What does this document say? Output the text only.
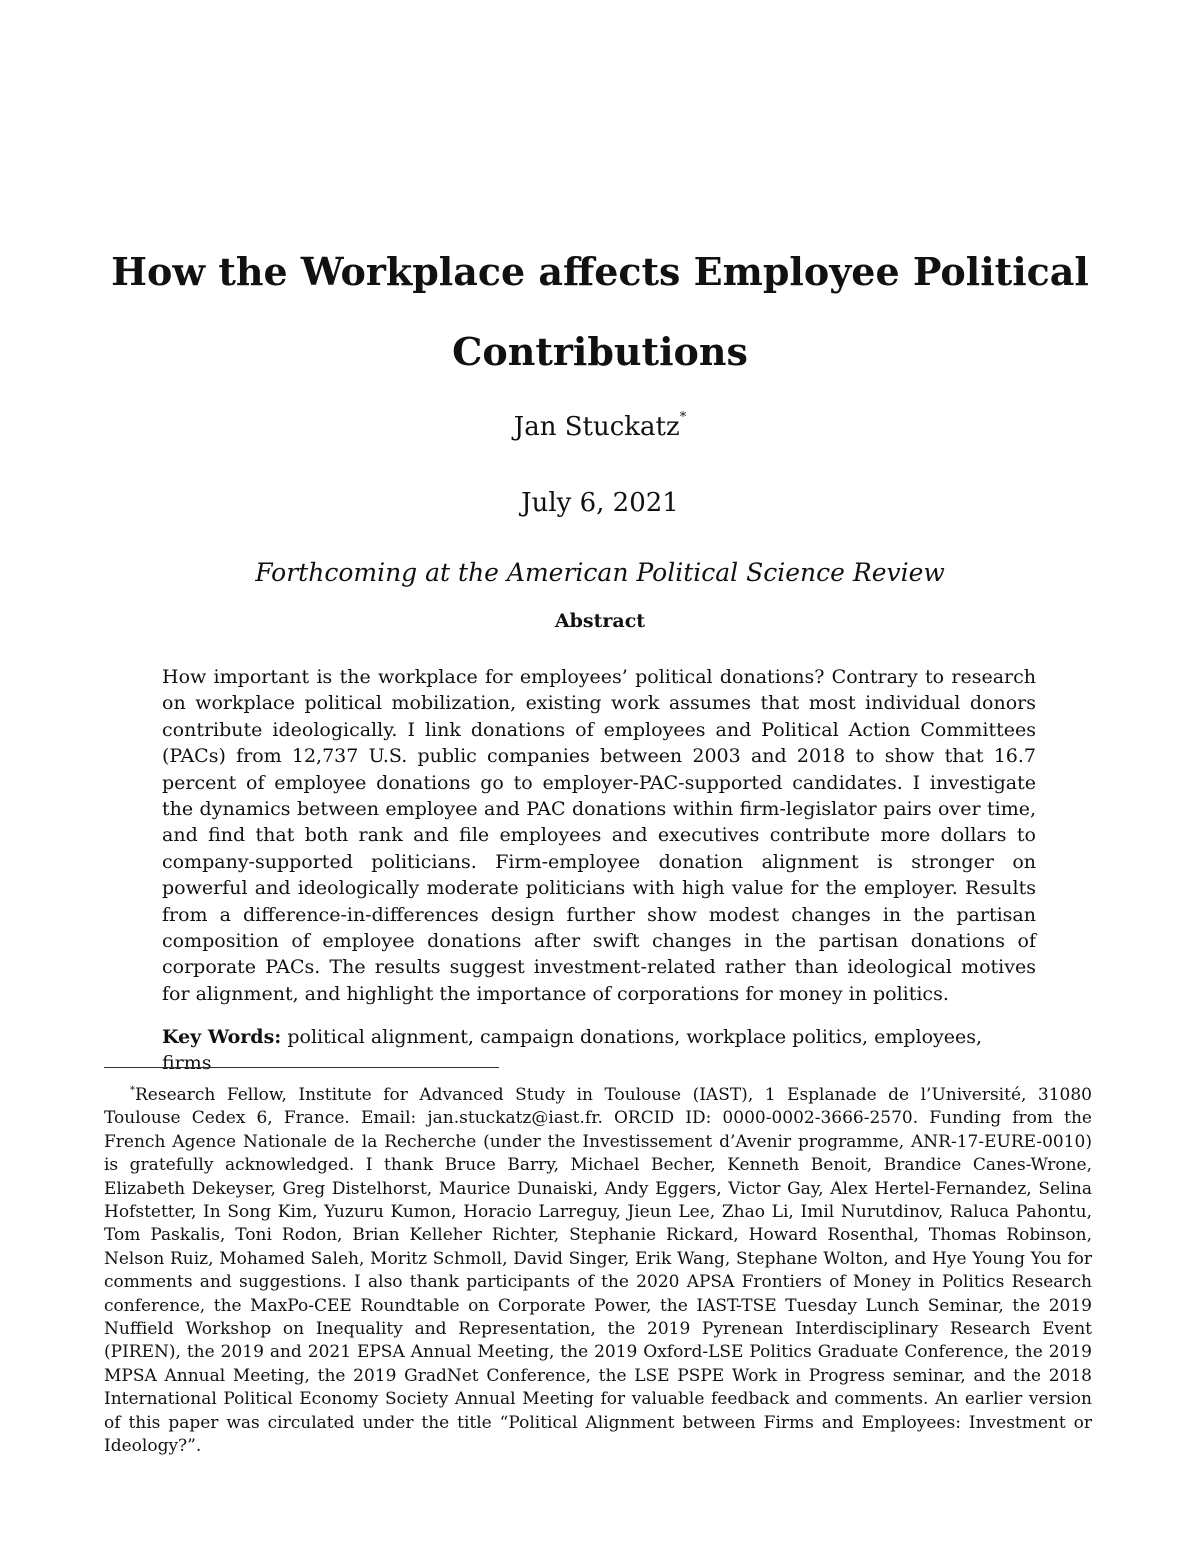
How the Workplace affects Employee Political Contributions

Jan Stuckatz*

July 6, 2021

Forthcoming at the American Political Science Review

Abstract

How important is the workplace for employees’ political donations? Contrary to research on workplace political mobilization, existing work assumes that most individual donors contribute ideologically. I link donations of employees and Political Action Committees (PACs) from 12,737 U.S. public companies between 2003 and 2018 to show that 16.7 percent of employee donations go to employer-PAC-supported candidates. I investigate the dynamics between employee and PAC donations within firm-legislator pairs over time, and find that both rank and file employees and executives contribute more dollars to company-supported politicians. Firm-employee donation alignment is stronger on powerful and ideologically moderate politicians with high value for the employer. Results from a difference-in-differences design further show modest changes in the partisan composition of employee donations after swift changes in the partisan donations of corporate PACs. The results suggest investment-related rather than ideological motives for alignment, and highlight the importance of corporations for money in politics.

Key Words: political alignment, campaign donations, workplace politics, employees, firms

*Research Fellow, Institute for Advanced Study in Toulouse (IAST), 1 Esplanade de l’Université, 31080 Toulouse Cedex 6, France. Email: jan.stuckatz@iast.fr. ORCID ID: 0000-0002-3666-2570. Funding from the French Agence Nationale de la Recherche (under the Investissement d’Avenir programme, ANR-17-EURE-0010) is gratefully acknowledged. I thank Bruce Barry, Michael Becher, Kenneth Benoit, Brandice Canes-Wrone, Elizabeth Dekeyser, Greg Distelhorst, Maurice Dunaiski, Andy Eggers, Victor Gay, Alex Hertel-Fernandez, Selina Hofstetter, In Song Kim, Yuzuru Kumon, Horacio Larreguy, Jieun Lee, Zhao Li, Imil Nurutdinov, Raluca Pahontu, Tom Paskalis, Toni Rodon, Brian Kelleher Richter, Stephanie Rickard, Howard Rosenthal, Thomas Robinson, Nelson Ruiz, Mohamed Saleh, Moritz Schmoll, David Singer, Erik Wang, Stephane Wolton, and Hye Young You for comments and suggestions. I also thank participants of the 2020 APSA Frontiers of Money in Politics Research conference, the MaxPo-CEE Roundtable on Corporate Power, the IAST-TSE Tuesday Lunch Seminar, the 2019 Nuffield Workshop on Inequality and Representation, the 2019 Pyrenean Interdisciplinary Research Event (PIREN), the 2019 and 2021 EPSA Annual Meeting, the 2019 Oxford-LSE Politics Graduate Conference, the 2019 MPSA Annual Meeting, the 2019 GradNet Conference, the LSE PSPE Work in Progress seminar, and the 2018 International Political Economy Society Annual Meeting for valuable feedback and comments. An earlier version of this paper was circulated under the title “Political Alignment between Firms and Employees: Investment or Ideology?”.
